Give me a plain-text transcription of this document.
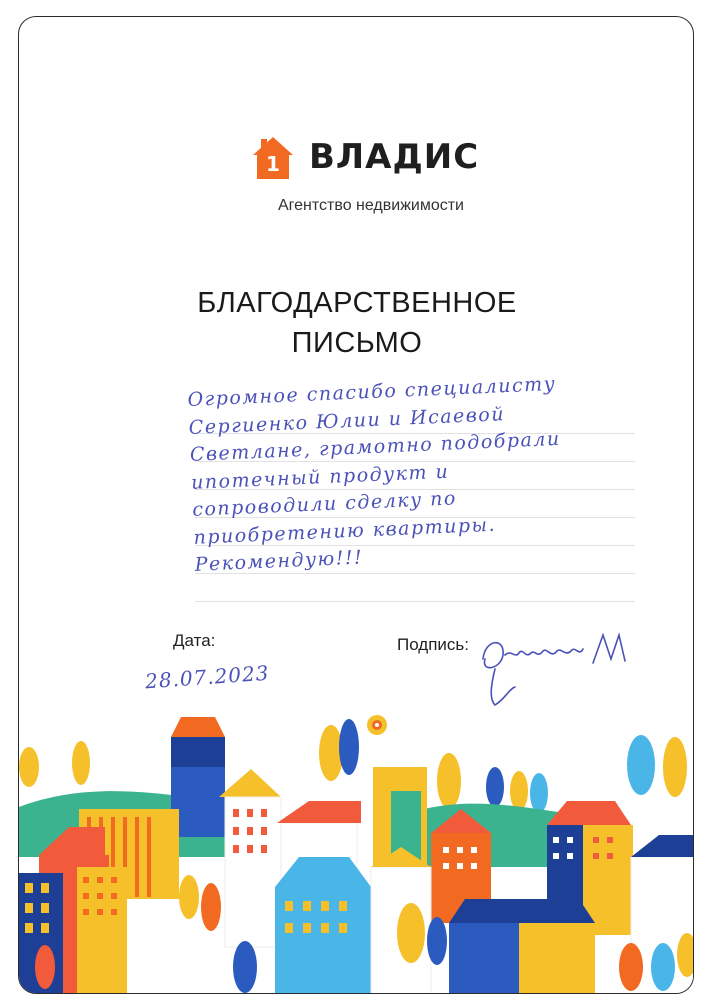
1 ВЛАДИС
Агентство недвижимости
БЛАГОДАРСТВЕННОЕ
ПИСЬМО
Огромное спасибо специалисту
Сергиенко Юлии и Исаевой
Светлане, грамотно подобрали
ипотечный продукт и
сопроводили сделку по
приобретению квартиры.
Рекомендую!!!
Дата:
28.07.2023
Подпись:
